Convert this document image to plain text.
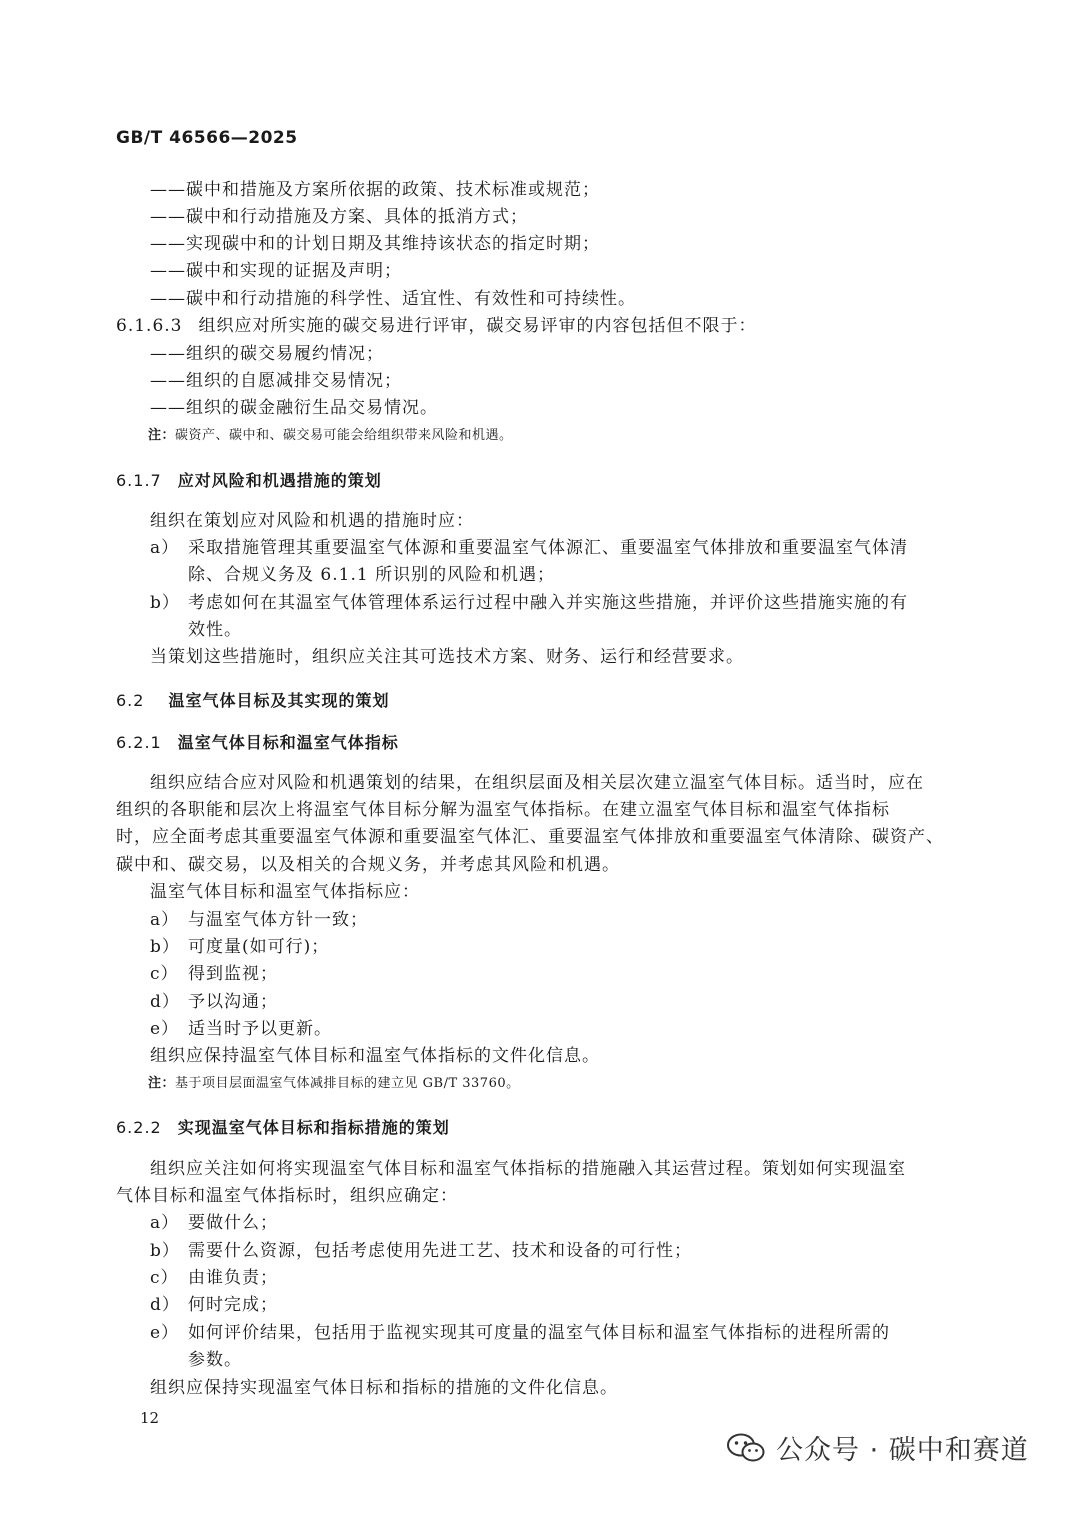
GB/T 46566—2025
——碳中和措施及方案所依据的政策、技术标准或规范；
——碳中和行动措施及方案、具体的抵消方式；
——实现碳中和的计划日期及其维持该状态的指定时期；
——碳中和实现的证据及声明；
——碳中和行动措施的科学性、适宜性、有效性和可持续性。
6.1.6.3 组织应对所实施的碳交易进行评审，碳交易评审的内容包括但不限于：
——组织的碳交易履约情况；
——组织的自愿减排交易情况；
——组织的碳金融衍生品交易情况。
注：碳资产、碳中和、碳交易可能会给组织带来风险和机遇。
6.1.7 应对风险和机遇措施的策划
组织在策划应对风险和机遇的措施时应：
a） 采取措施管理其重要温室气体源和重要温室气体源汇、重要温室气体排放和重要温室气体清
除、合规义务及 6.1.1 所识别的风险和机遇；
b） 考虑如何在其温室气体管理体系运行过程中融入并实施这些措施，并评价这些措施实施的有
效性。
当策划这些措施时，组织应关注其可选技术方案、财务、运行和经营要求。
6.2 温室气体目标及其实现的策划
6.2.1 温室气体目标和温室气体指标
组织应结合应对风险和机遇策划的结果，在组织层面及相关层次建立温室气体目标。适当时，应在
组织的各职能和层次上将温室气体目标分解为温室气体指标。在建立温室气体目标和温室气体指标
时，应全面考虑其重要温室气体源和重要温室气体汇、重要温室气体排放和重要温室气体清除、碳资产、
碳中和、碳交易，以及相关的合规义务，并考虑其风险和机遇。
温室气体目标和温室气体指标应：
a） 与温室气体方针一致；
b） 可度量(如可行)；
c） 得到监视；
d） 予以沟通；
e） 适当时予以更新。
组织应保持温室气体目标和温室气体指标的文件化信息。
注：基于项目层面温室气体减排目标的建立见 GB/T 33760。
6.2.2 实现温室气体目标和指标措施的策划
组织应关注如何将实现温室气体目标和温室气体指标的措施融入其运营过程。策划如何实现温室
气体目标和温室气体指标时，组织应确定：
a） 要做什么；
b） 需要什么资源，包括考虑使用先进工艺、技术和设备的可行性；
c） 由谁负责；
d） 何时完成；
e） 如何评价结果，包括用于监视实现其可度量的温室气体目标和温室气体指标的进程所需的
参数。
组织应保持实现温室气体日标和指标的措施的文件化信息。
12
公众号 · 碳中和赛道
